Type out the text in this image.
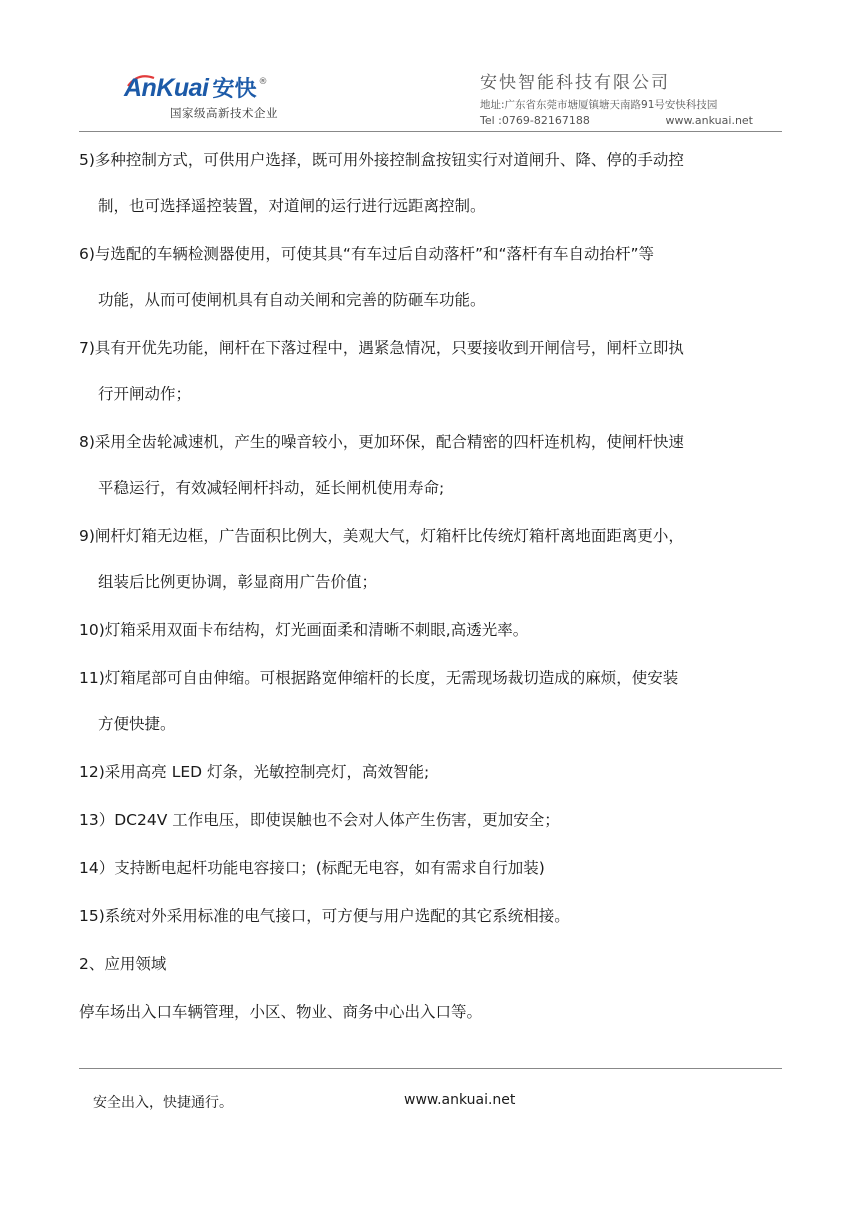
AnKuai 安快 ®
国家级高新技术企业
安快智能科技有限公司
地址:广东省东莞市塘厦镇塘天南路91号安快科技园
Tel :0769-82167188	www.ankuai.net
5)多种控制方式，可供用户选择，既可用外接控制盒按钮实行对道闸升、降、停的手动控
制，也可选择遥控装置，对道闸的运行进行远距离控制。
6)与选配的车辆检测器使用，可使其具“有车过后自动落杆”和“落杆有车自动抬杆”等
功能，从而可使闸机具有自动关闸和完善的防砸车功能。
7)具有开优先功能，闸杆在下落过程中，遇紧急情况，只要接收到开闸信号，闸杆立即执
行开闸动作；
8)采用全齿轮减速机，产生的噪音较小，更加环保，配合精密的四杆连机构，使闸杆快速
平稳运行，有效减轻闸杆抖动，延长闸机使用寿命;
9)闸杆灯箱无边框，广告面积比例大，美观大气，灯箱杆比传统灯箱杆离地面距离更小，
组装后比例更协调，彰显商用广告价值；
10)灯箱采用双面卡布结构，灯光画面柔和清晰不刺眼,高透光率。
11)灯箱尾部可自由伸缩。可根据路宽伸缩杆的长度，无需现场裁切造成的麻烦，使安装
方便快捷。
12)采用高亮 LED 灯条，光敏控制亮灯，高效智能;
13）DC24V 工作电压，即使误触也不会对人体产生伤害，更加安全；
14）支持断电起杆功能电容接口；(标配无电容，如有需求自行加装)
15)系统对外采用标准的电气接口，可方便与用户选配的其它系统相接。
2、应用领域
停车场出入口车辆管理，小区、物业、商务中心出入口等。
安全出入，快捷通行。	www.ankuai.net
